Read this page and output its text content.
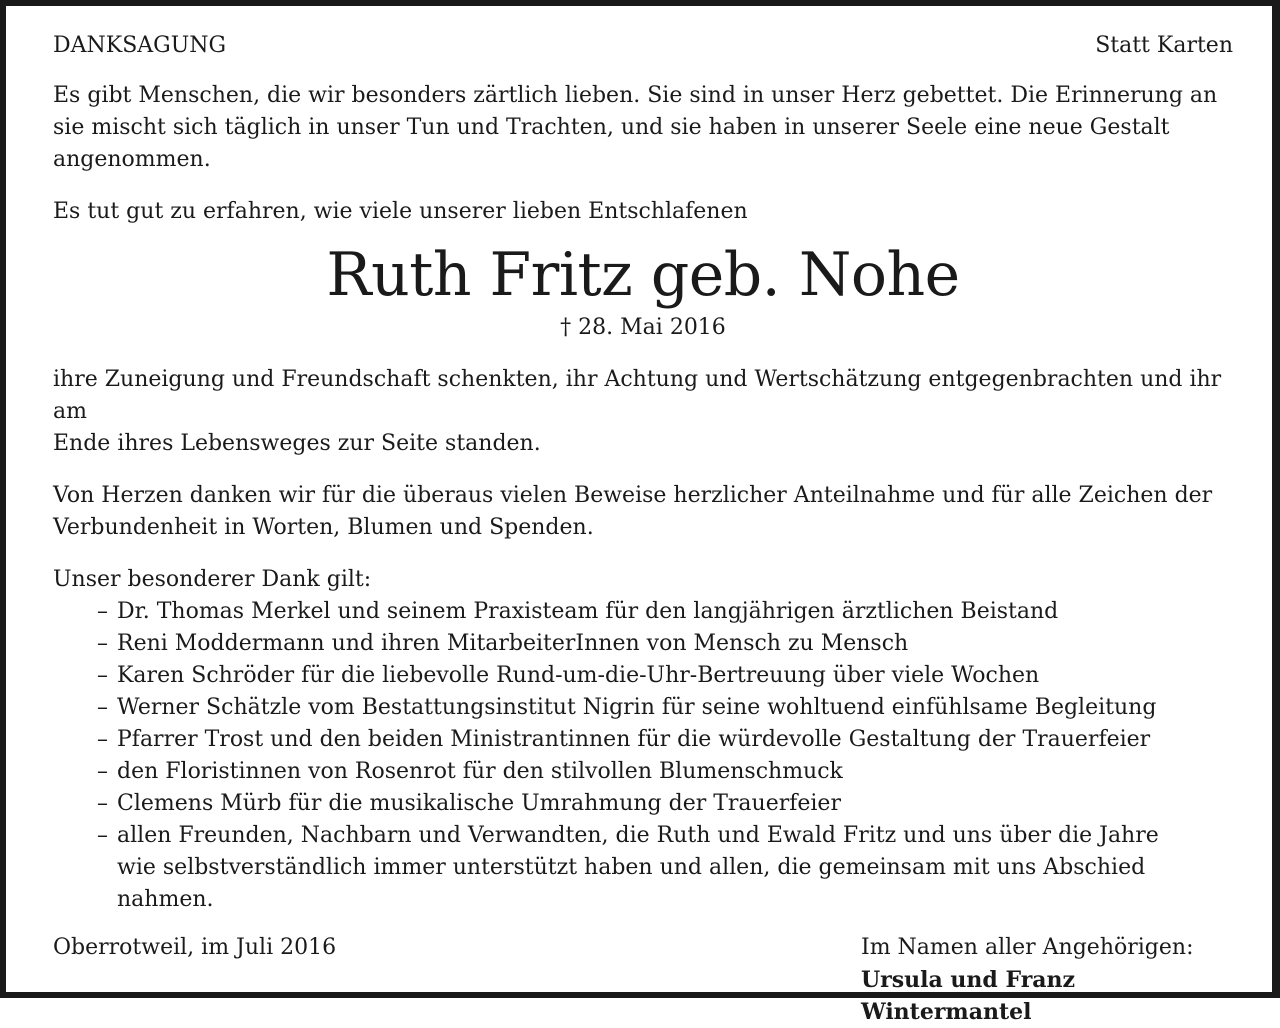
DANKSAGUNG	Statt Karten
Es gibt Menschen, die wir besonders zärtlich lieben. Sie sind in unser Herz gebettet. Die Erinnerung an
sie mischt sich täglich in unser Tun und Trachten, und sie haben in unserer Seele eine neue Gestalt
angenommen.
Es tut gut zu erfahren, wie viele unserer lieben Entschlafenen
Ruth Fritz geb. Nohe
† 28. Mai 2016
ihre Zuneigung und Freundschaft schenkten, ihr Achtung und Wertschätzung entgegenbrachten und ihr am
Ende ihres Lebensweges zur Seite standen.
Von Herzen danken wir für die überaus vielen Beweise herzlicher Anteilnahme und für alle Zeichen der
Verbundenheit in Worten, Blumen und Spenden.
Unser besonderer Dank gilt:
– Dr. Thomas Merkel und seinem Praxisteam für den langjährigen ärztlichen Beistand
– Reni Moddermann und ihren MitarbeiterInnen von Mensch zu Mensch
– Karen Schröder für die liebevolle Rund-um-die-Uhr-Bertreuung über viele Wochen
– Werner Schätzle vom Bestattungsinstitut Nigrin für seine wohltuend einfühlsame Begleitung
– Pfarrer Trost und den beiden Ministrantinnen für die würdevolle Gestaltung der Trauerfeier
– den Floristinnen von Rosenrot für den stilvollen Blumenschmuck
– Clemens Mürb für die musikalische Umrahmung der Trauerfeier
– allen Freunden, Nachbarn und Verwandten, die Ruth und Ewald Fritz und uns über die Jahre
wie selbstverständlich immer unterstützt haben und allen, die gemeinsam mit uns Abschied nahmen.
Oberrotweil, im Juli 2016	Im Namen aller Angehörigen:
Ursula und Franz Wintermantel
